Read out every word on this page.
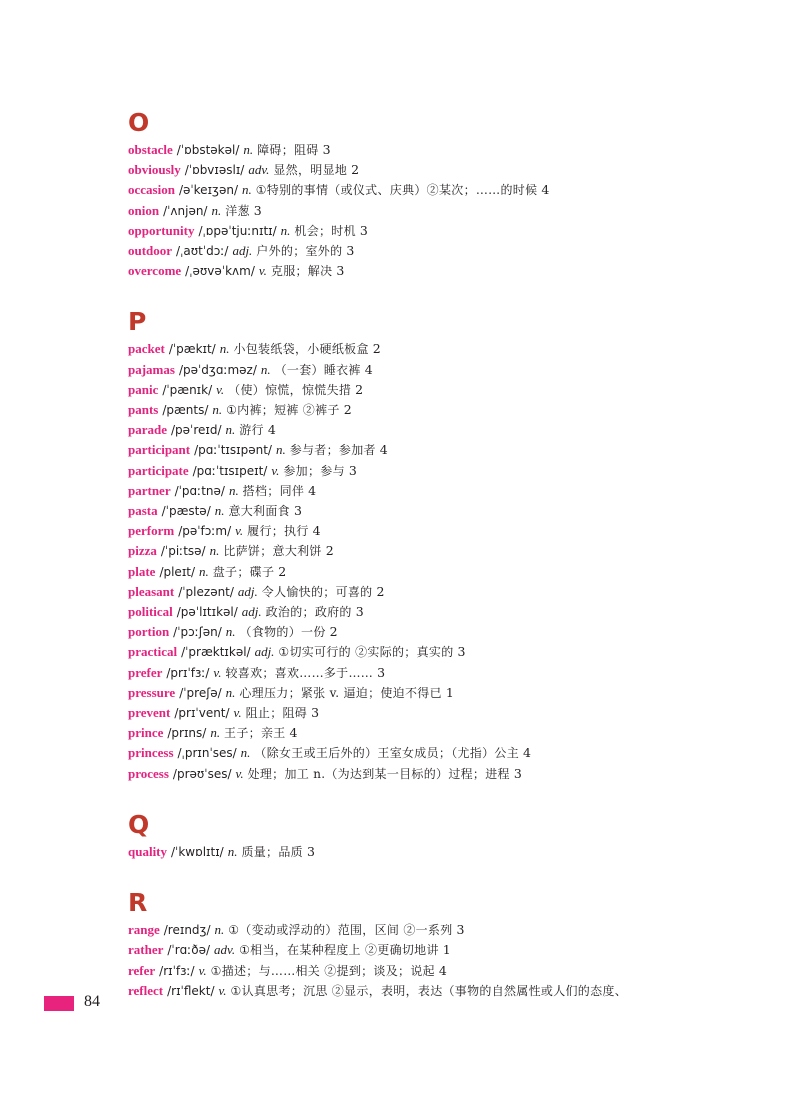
O
obstacle /ˈɒbstəkəl/ n. 障碍；阻碍 3
obviously /ˈɒbvɪəslɪ/ adv. 显然，明显地 2
occasion /əˈkeɪʒən/ n. ①特别的事情（或仪式、庆典）②某次；……的时候 4
onion /ˈʌnjən/ n. 洋葱 3
opportunity /ˌɒpəˈtjuːnɪtɪ/ n. 机会；时机 3
outdoor /ˌaʊtˈdɔː/ adj. 户外的；室外的 3
overcome /ˌəʊvəˈkʌm/ v. 克服；解决 3
P
packet /ˈpækɪt/ n. 小包装纸袋，小硬纸板盒 2
pajamas /pəˈdʒɑːməz/ n. （一套）睡衣裤 4
panic /ˈpænɪk/ v. （使）惊慌，惊慌失措 2
pants /pænts/ n. ①内裤；短裤 ②裤子 2
parade /pəˈreɪd/ n. 游行 4
participant /pɑːˈtɪsɪpənt/ n. 参与者；参加者 4
participate /pɑːˈtɪsɪpeɪt/ v. 参加；参与 3
partner /ˈpɑːtnə/ n. 搭档；同伴 4
pasta /ˈpæstə/ n. 意大利面食 3
perform /pəˈfɔːm/ v. 履行；执行 4
pizza /ˈpiːtsə/ n. 比萨饼；意大利饼 2
plate /pleɪt/ n. 盘子；碟子 2
pleasant /ˈplezənt/ adj. 令人愉快的；可喜的 2
political /pəˈlɪtɪkəl/ adj. 政治的；政府的 3
portion /ˈpɔːʃən/ n. （食物的）一份 2
practical /ˈpræktɪkəl/ adj. ①切实可行的 ②实际的；真实的 3
prefer /prɪˈfɜː/ v. 较喜欢；喜欢……多于…… 3
pressure /ˈpreʃə/ n. 心理压力；紧张 v. 逼迫；使迫不得已 1
prevent /prɪˈvent/ v. 阻止；阻碍 3
prince /prɪns/ n. 王子；亲王 4
princess /ˌprɪnˈses/ n. （除女王或王后外的）王室女成员；（尤指）公主 4
process /prəʊˈses/ v. 处理；加工 n.（为达到某一目标的）过程；进程 3
Q
quality /ˈkwɒlɪtɪ/ n. 质量；品质 3
R
range /reɪndʒ/ n. ①（变动或浮动的）范围，区间 ②一系列 3
rather /ˈrɑːðə/ adv. ①相当，在某种程度上 ②更确切地讲 1
refer /rɪˈfɜː/ v. ①描述；与……相关 ②提到；谈及；说起 4
reflect /rɪˈflekt/ v. ①认真思考；沉思 ②显示，表明，表达（事物的自然属性或人们的态度、
84
